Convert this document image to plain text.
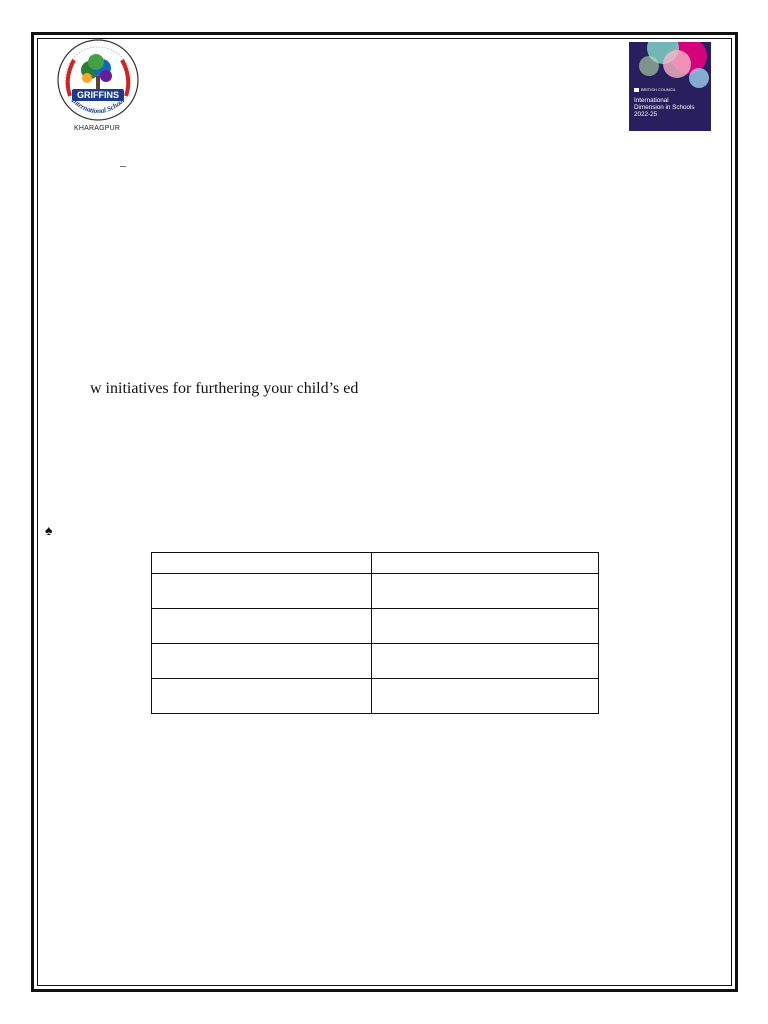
GRIFFINS
International School
KHARAGPUR
BRITISH COUNCIL
International
Dimension in Schools
2022-25
–
w initiatives for furthering your child’s ed
♠
